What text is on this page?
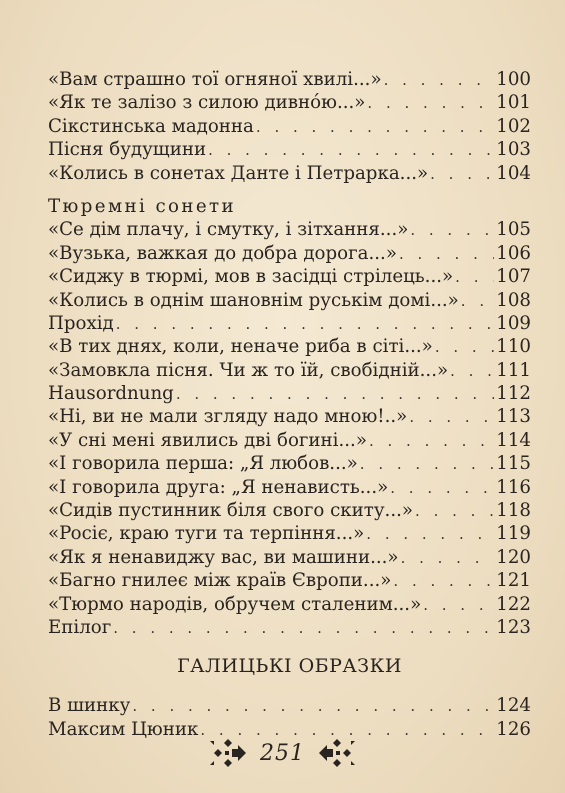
«Вам страшно тої огняної хвилі...» . . .	100
«Як те залізо з силою дивно́ю...» . . .	101
Сікстинська мадонна . . .	102
Пісня будущини . . .	103
«Колись в сонетах Данте і Петрарка...» . . .	104
Тюремні сонети
«Се дім плачу, і смутку, і зітхання...» . . .	105
«Вузька, важкая до добра дорога...» . . .	106
«Сиджу в тюрмі, мов в засідці стрілець...» . . . 107
«Колись в однім шановнім руськім домі...» . . . 108
Прохід . . .	109
«В тих днях, коли, неначе риба в сіті...» . . .	110
«Замовкла пісня. Чи ж то їй, свобідній...» . . .	111
Hausordnung . . .	112
«Ні, ви не мали зглядy надо мною!..» . . .	113
«У сні мені явились дві богині...» . . .	114
«І говорила перша: „Я любов...» . . .	115
«І говорила друга: „Я ненависть...» . . .	116
«Сидів пустинник біля свого скиту...» . . .	118
«Pocіє, краю туги та терпіння...» . . .	119
«Як я ненавиджу вас, ви машини...» . . .	120
«Багно гнилеє між країв Європи...» . . .	121
«Тюрмо народів, обручем сталеним...» . . .	122
Епілог . . .	123
ГАЛИЦЬКІ ОБРАЗКИ
В шинку . . .	124
Максим Цюник . . .	126
251
